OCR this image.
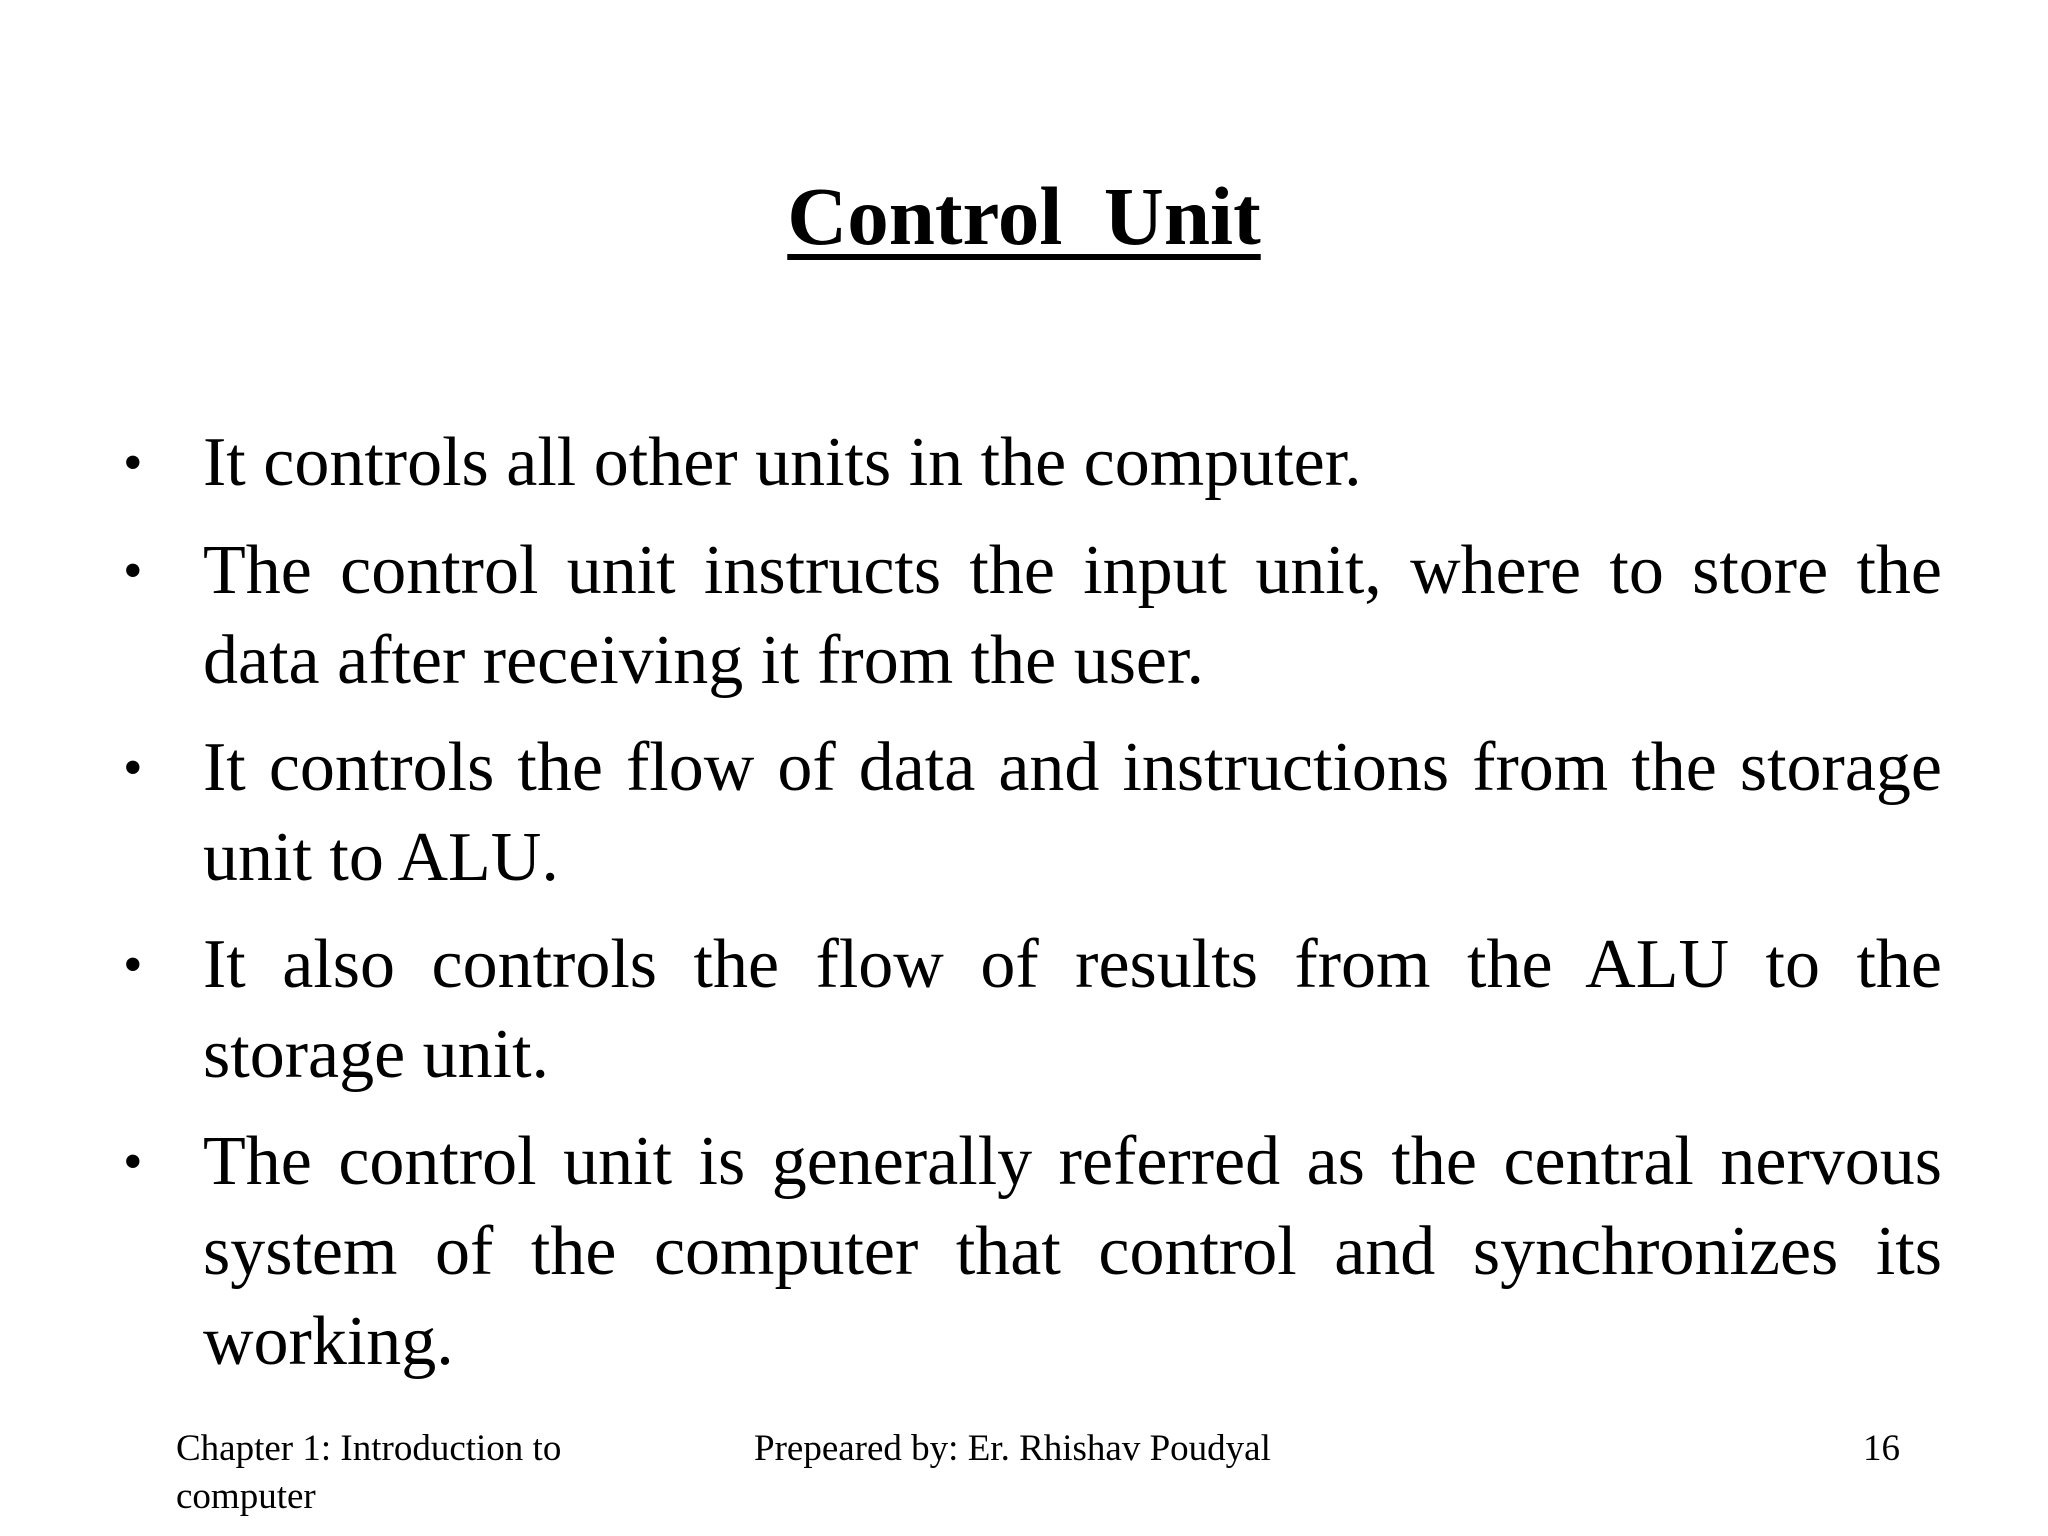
Control  Unit
• It controls all other units in the computer.
• The control unit instructs the input unit, where to store the data after receiving it from the user.
• It controls the flow of data and instructions from the storage unit to ALU.
• It also controls the flow of results from the ALU to the storage unit.
• The control unit is generally referred as the central nervous system of the computer that control and synchronizes its working.
Chapter 1: Introduction to computer
Prepeared by: Er. Rhishav Poudyal	16
